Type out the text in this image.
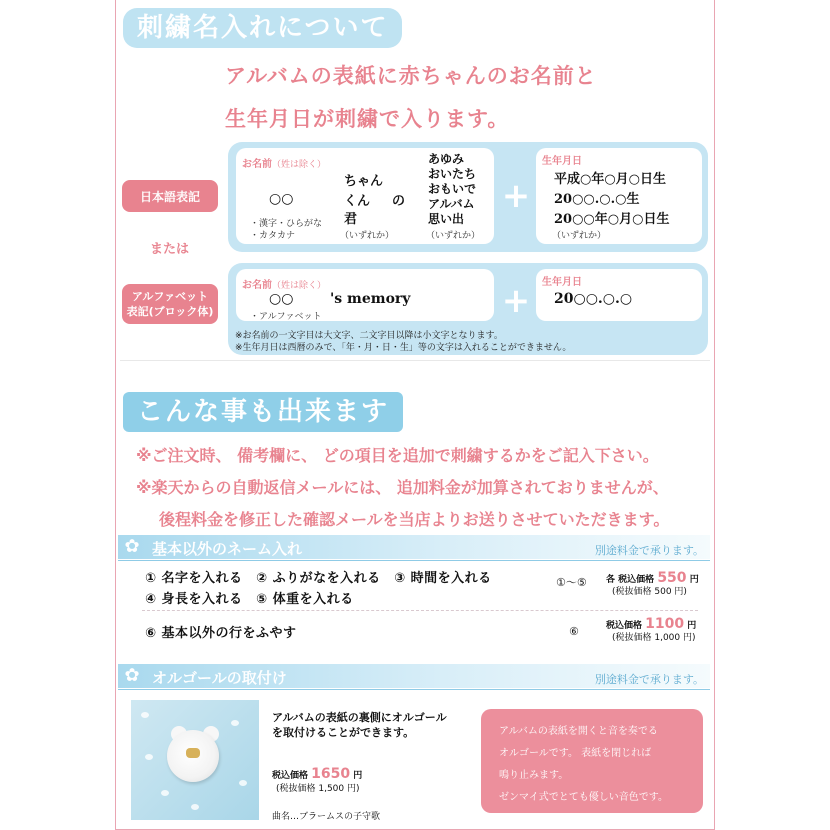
刺繍名入れについて
アルバムの表紙に赤ちゃんのお名前と
生年月日が刺繍で入ります。
日本語表記
お名前（姓は除く）
○○
・漢字・ひらがな
・カタカナ
ちゃん
くん
君
の
（いずれか）
あゆみ
おいたち
おもいで
アルバム
思い出
（いずれか）
+
生年月日
平成○年○月○日生
20○○.○.○生
20○○年○月○日生
（いずれか）
または
アルファベット
表記(ブロック体)
お名前（姓は除く）
○○	's memory
・アルファベット	+	生年月日
20○○.○.○
※お名前の一文字目は大文字、二文字目以降は小文字となります。
※生年月日は西暦のみで、「年・月・日・生」等の文字は入れることができません。
こんな事も出来ます
※ご注文時、 備考欄に、 どの項目を追加で刺繍するかをご記入下さい。
※楽天からの自動返信メールには、 追加料金が加算されておりませんが、
後程料金を修正した確認メールを当店よりお送りさせていただきます。
✿ 基本以外のネーム入れ	別途料金で承ります。
① 名字を入れる　② ふりがなを入れる　③ 時間を入れる
④ 身長を入れる　⑤ 体重を入れる
①〜⑤ 各 税込価格 550 円
(税抜価格 500 円)
⑥ 基本以外の行をふやす	⑥	税込価格 1100 円
(税抜価格 1,000 円)
✿ オルゴールの取付け	別途料金で承ります。
アルバムの表紙の裏側にオルゴール
を取付けることができます。
税込価格 1650 円
(税抜価格 1,500 円)
曲名…ブラームスの子守歌
アルバムの表紙を開くと音を奏でる
オルゴールです。 表紙を閉じれば
鳴り止みます。
ゼンマイ式でとても優しい音色です。
